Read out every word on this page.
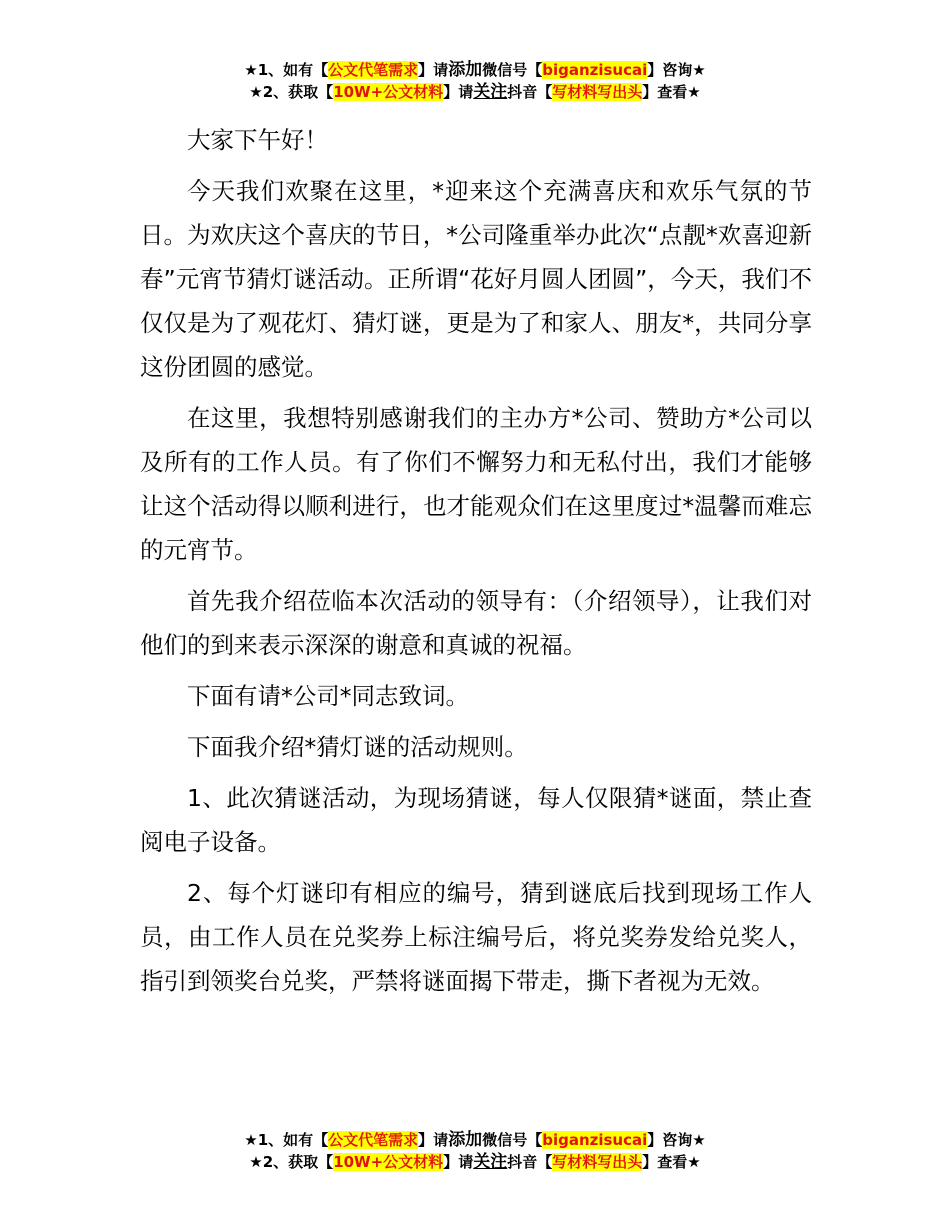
★1、如有【公文代笔需求】请添加微信号【biganzisucai】咨询★
★2、获取【10W+公文材料】请关注抖音【写材料写出头】查看★

大家下午好！

今天我们欢聚在这里，*迎来这个充满喜庆和欢乐气氛的节日。为欢庆这个喜庆的节日，*公司隆重举办此次“点靓*欢喜迎新春”元宵节猜灯谜活动。正所谓“花好月圆人团圆”，今天，我们不仅仅是为了观花灯、猜灯谜，更是为了和家人、朋友*，共同分享这份团圆的感觉。

在这里，我想特别感谢我们的主办方*公司、赞助方*公司以及所有的工作人员。有了你们不懈努力和无私付出，我们才能够让这个活动得以顺利进行，也才能观众们在这里度过*温馨而难忘的元宵节。

首先我介绍莅临本次活动的领导有：（介绍领导），让我们对他们的到来表示深深的谢意和真诚的祝福。

下面有请*公司*同志致词。

下面我介绍*猜灯谜的活动规则。

1、此次猜谜活动，为现场猜谜，每人仅限猜*谜面，禁止查阅电子设备。

2、每个灯谜印有相应的编号，猜到谜底后找到现场工作人员，由工作人员在兑奖券上标注编号后，将兑奖券发给兑奖人，指引到领奖台兑奖，严禁将谜面揭下带走，撕下者视为无效。

★1、如有【公文代笔需求】请添加微信号【biganzisucai】咨询★
★2、获取【10W+公文材料】请关注抖音【写材料写出头】查看★
